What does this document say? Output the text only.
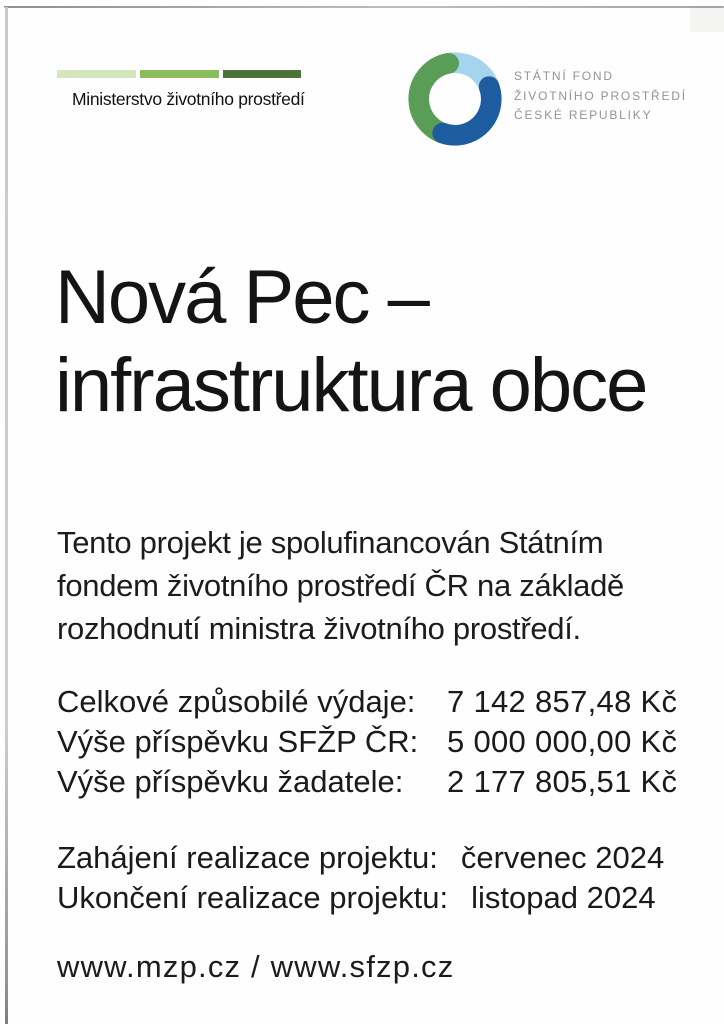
Ministerstvo životního prostředí
STÁTNÍ FOND
ŽIVOTNÍHO PROSTŘEDÍ
ČESKÉ REPUBLIKY
Nová Pec –
infrastruktura obce
Tento projekt je spolufinancován Státním
fondem životního prostředí ČR na základě
rozhodnutí ministra životního prostředí.
Celkové způsobilé výdaje:	7 142 857,48 Kč
Výše příspěvku SFŽP ČR: 5 000 000,00 Kč
Výše příspěvku žadatele:	2 177 805,51 Kč
Zahájení realizace projektu: červenec 2024
Ukončení realizace projektu: listopad 2024
www.mzp.cz / www.sfzp.cz
